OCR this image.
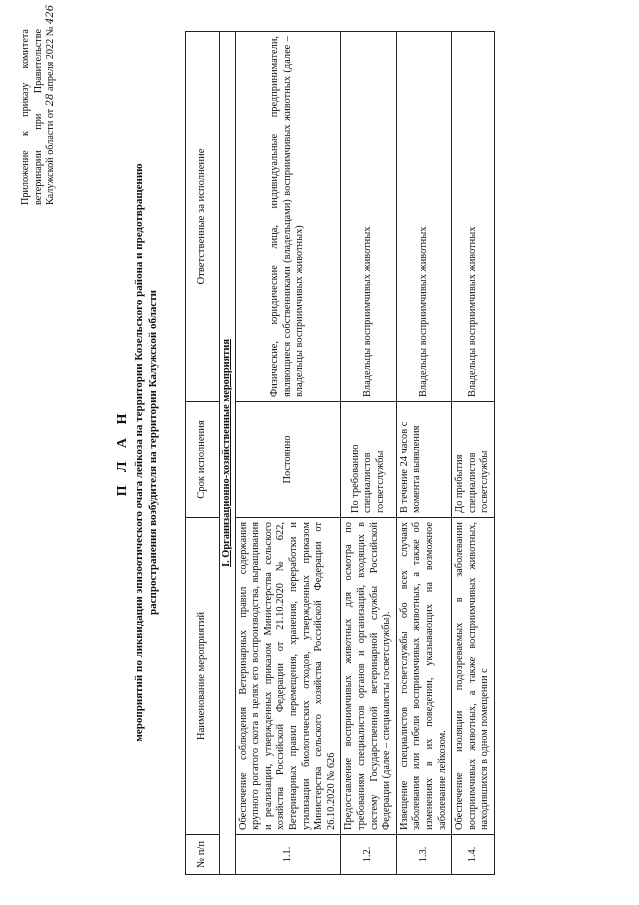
Приложение
к
приказу
комитета
ветеринарии
при
Правительстве
Калужской области от

28

апреля 2022 №

426
П Л А Н мероприятий по ликвидации эпизоотического очага лейкоза на территории Козельского района и предотвращению распространения возбудителя на территории Калужской области
№ п/п	Наименование мероприятий	Срок исполнения	Ответственные за исполнение
I. Организационно-хозяйственные мероприятия			
1.1.	Обеспечение соблюдения Ветеринарных правил содержания крупного рогатого скота в целях его воспроизводства, выращивания и реализации, утвержденных приказом Министерства сельского хозяйства Российской Федерации от 21.10.2020 № 622, Ветеринарных правил перемещения, хранения, переработки и утилизации биологических отходов, утвержденных приказом Министерства сельского хозяйства Российской Федерации от 26.10.2020 № 626	Постоянно	Физические, юридические лица, индивидуальные предприниматели, являющиеся собственниками (владельцами) восприимчивых животных (далее – владельцы восприимчивых животных)
1.2.	Предоставление восприимчивых животных для осмотра по требованиям специалистов органов и организаций, входящих в систему Государственной ветеринарной службы Российской Федерации (далее – специалисты госветслужбы).	По требованию специалистов госветслужбы	Владельцы восприимчивых животных
1.3.	Извещение специалистов госветслужбы обо всех случаях заболевания или гибели восприимчивых животных, а также об изменениях в их поведении, указывающих на возможное заболевание лейкозом.	В течение 24 часов с момента выявления	Владельцы восприимчивых животных
1.4.	Обеспечение изоляции подозреваемых в заболевании восприимчивых животных, а также восприимчивых животных, находившихся в одном помещении с	До прибытия специалистов госветслужбы	Владельцы восприимчивых животных
